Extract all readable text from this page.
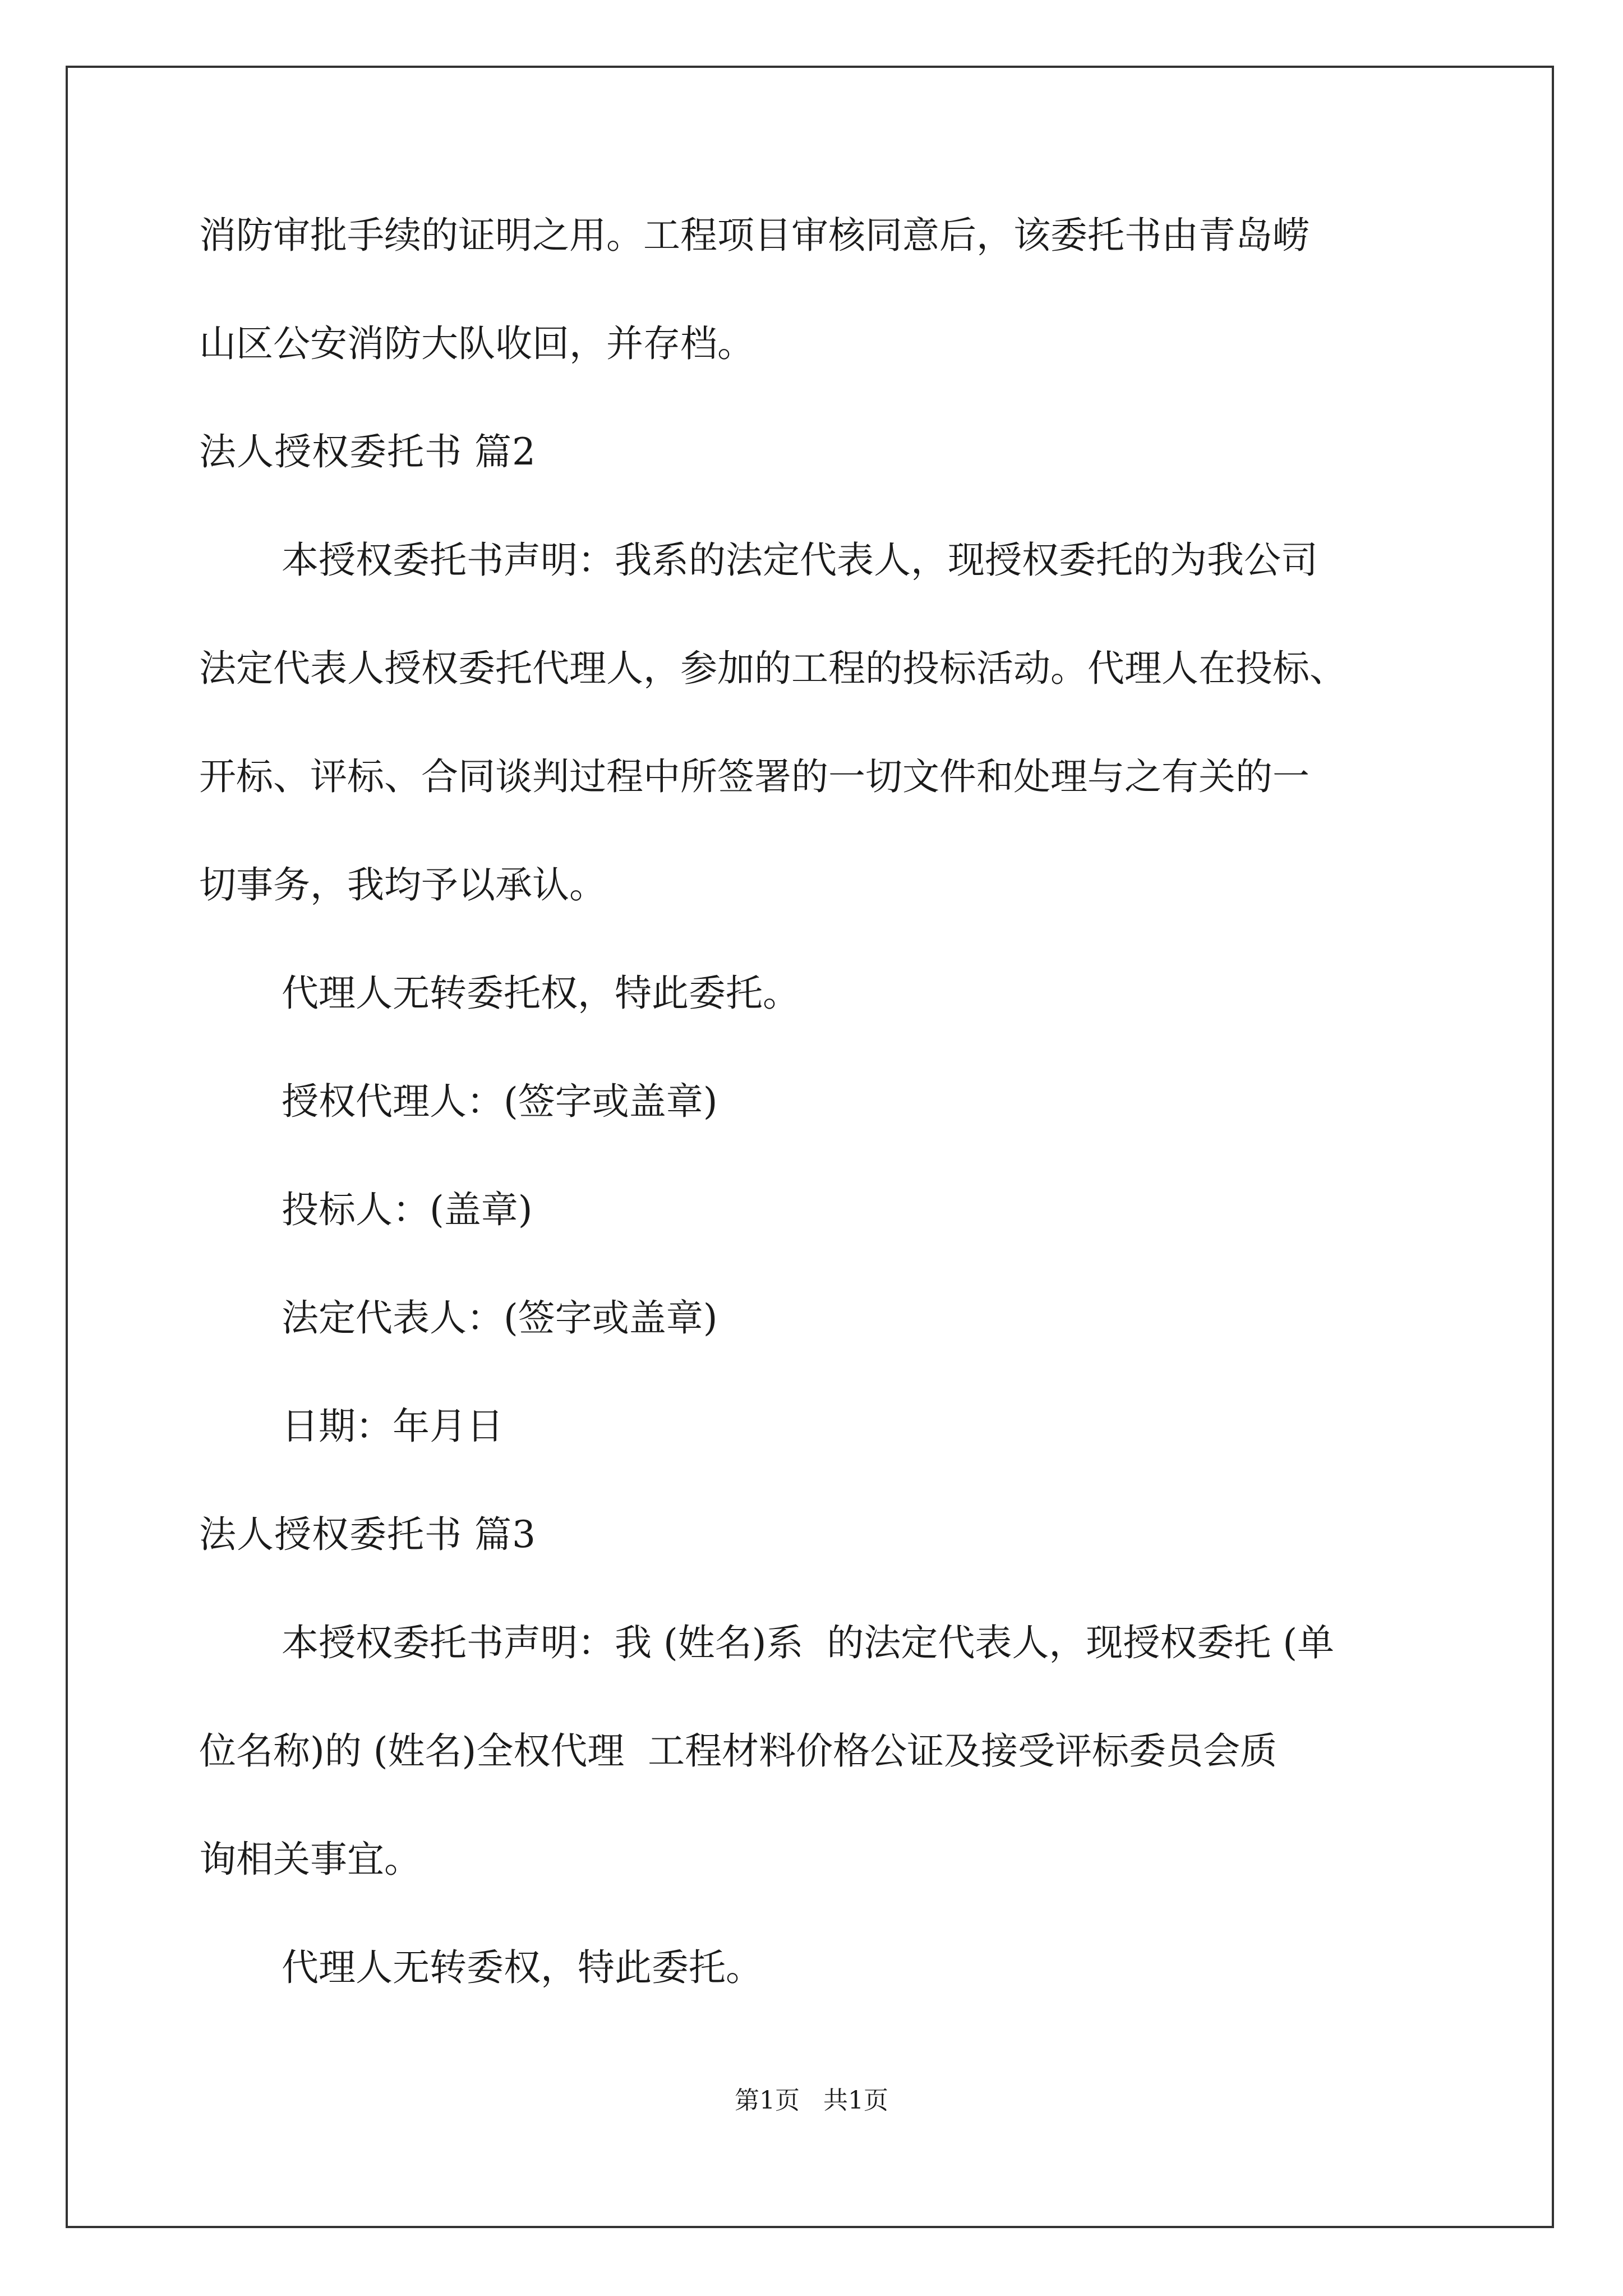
消防审批手续的证明之用。工程项目审核同意后，该委托书由青岛崂
山区公安消防大队收回，并存档。
法人授权委托书 篇2
本授权委托书声明：我系的法定代表人，现授权委托的为我公司
法定代表人授权委托代理人，参加的工程的投标活动。代理人在投标、
开标、评标、合同谈判过程中所签署的一切文件和处理与之有关的一
切事务，我均予以承认。
代理人无转委托权，特此委托。
授权代理人：(签字或盖章)
投标人：(盖章)
法定代表人：(签字或盖章)
日期：年月日
法人授权委托书 篇3
本授权委托书声明：我 (姓名)系  的法定代表人，现授权委托 (单
位名称)的 (姓名)全权代理  工程材料价格公证及接受评标委员会质
询相关事宜。
代理人无转委权，特此委托。
第1页   共1页
